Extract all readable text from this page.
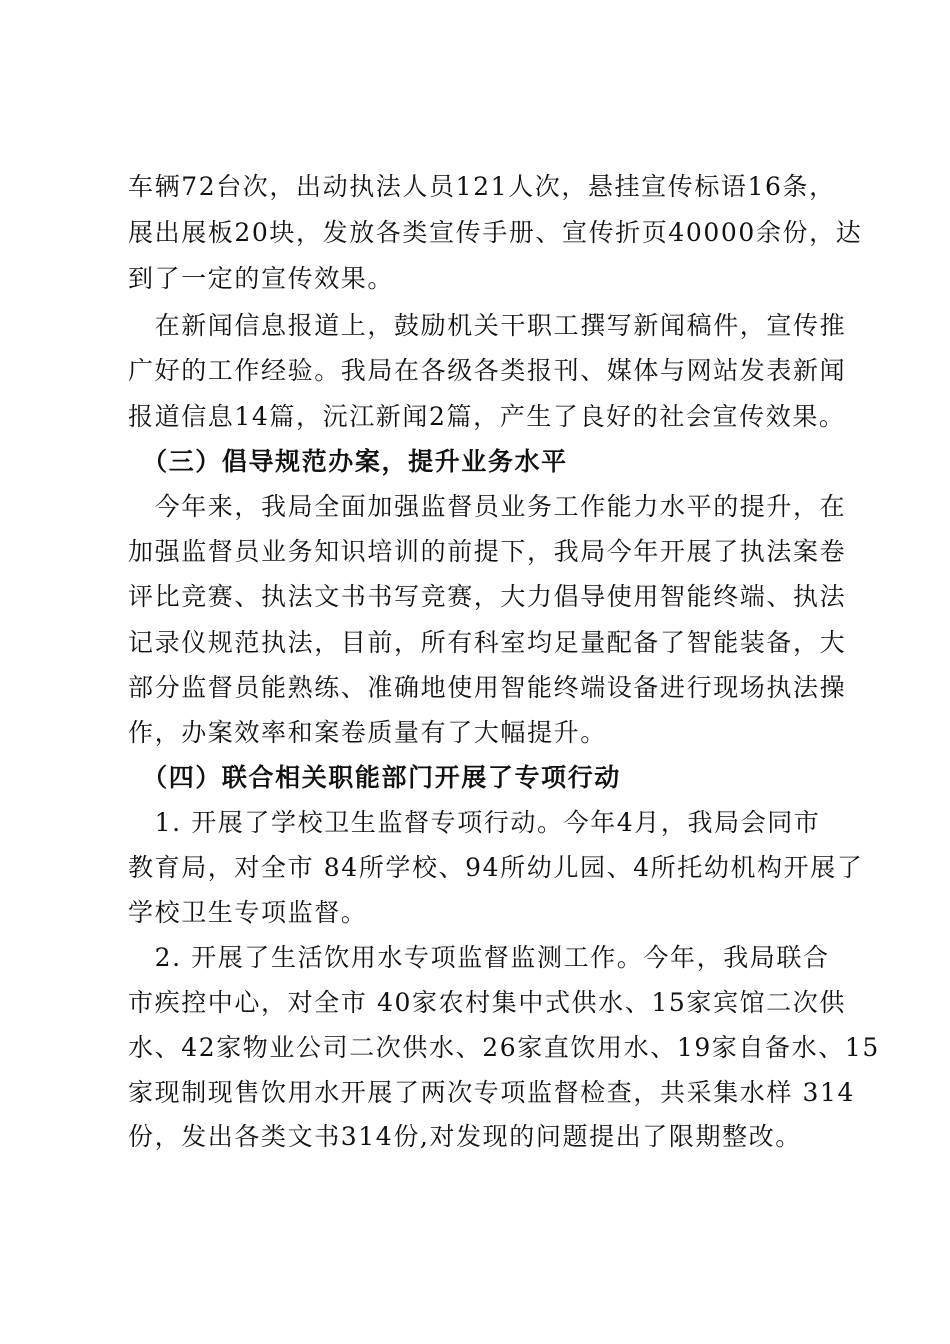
车辆72台次，出动执法人员121人次，悬挂宣传标语16条，
展出展板20块，发放各类宣传手册、宣传折页40000余份，达
到了一定的宣传效果。
　在新闻信息报道上，鼓励机关干职工撰写新闻稿件，宣传推
广好的工作经验。我局在各级各类报刊、媒体与网站发表新闻
报道信息14篇，沅江新闻2篇，产生了良好的社会宣传效果。
　（三）倡导规范办案，提升业务水平
　今年来，我局全面加强监督员业务工作能力水平的提升，在
加强监督员业务知识培训的前提下，我局今年开展了执法案卷
评比竞赛、执法文书书写竞赛，大力倡导使用智能终端、执法
记录仪规范执法，目前，所有科室均足量配备了智能装备，大
部分监督员能熟练、准确地使用智能终端设备进行现场执法操
作，办案效率和案卷质量有了大幅提升。
　（四）联合相关职能部门开展了专项行动
　1. 开展了学校卫生监督专项行动。今年4月，我局会同市
教育局，对全市 84所学校、94所幼儿园、4所托幼机构开展了
学校卫生专项监督。
　2. 开展了生活饮用水专项监督监测工作。今年，我局联合
市疾控中心，对全市 40家农村集中式供水、15家宾馆二次供
水、42家物业公司二次供水、26家直饮用水、19家自备水、15
家现制现售饮用水开展了两次专项监督检查，共采集水样 314
份，发出各类文书314份,对发现的问题提出了限期整改。
